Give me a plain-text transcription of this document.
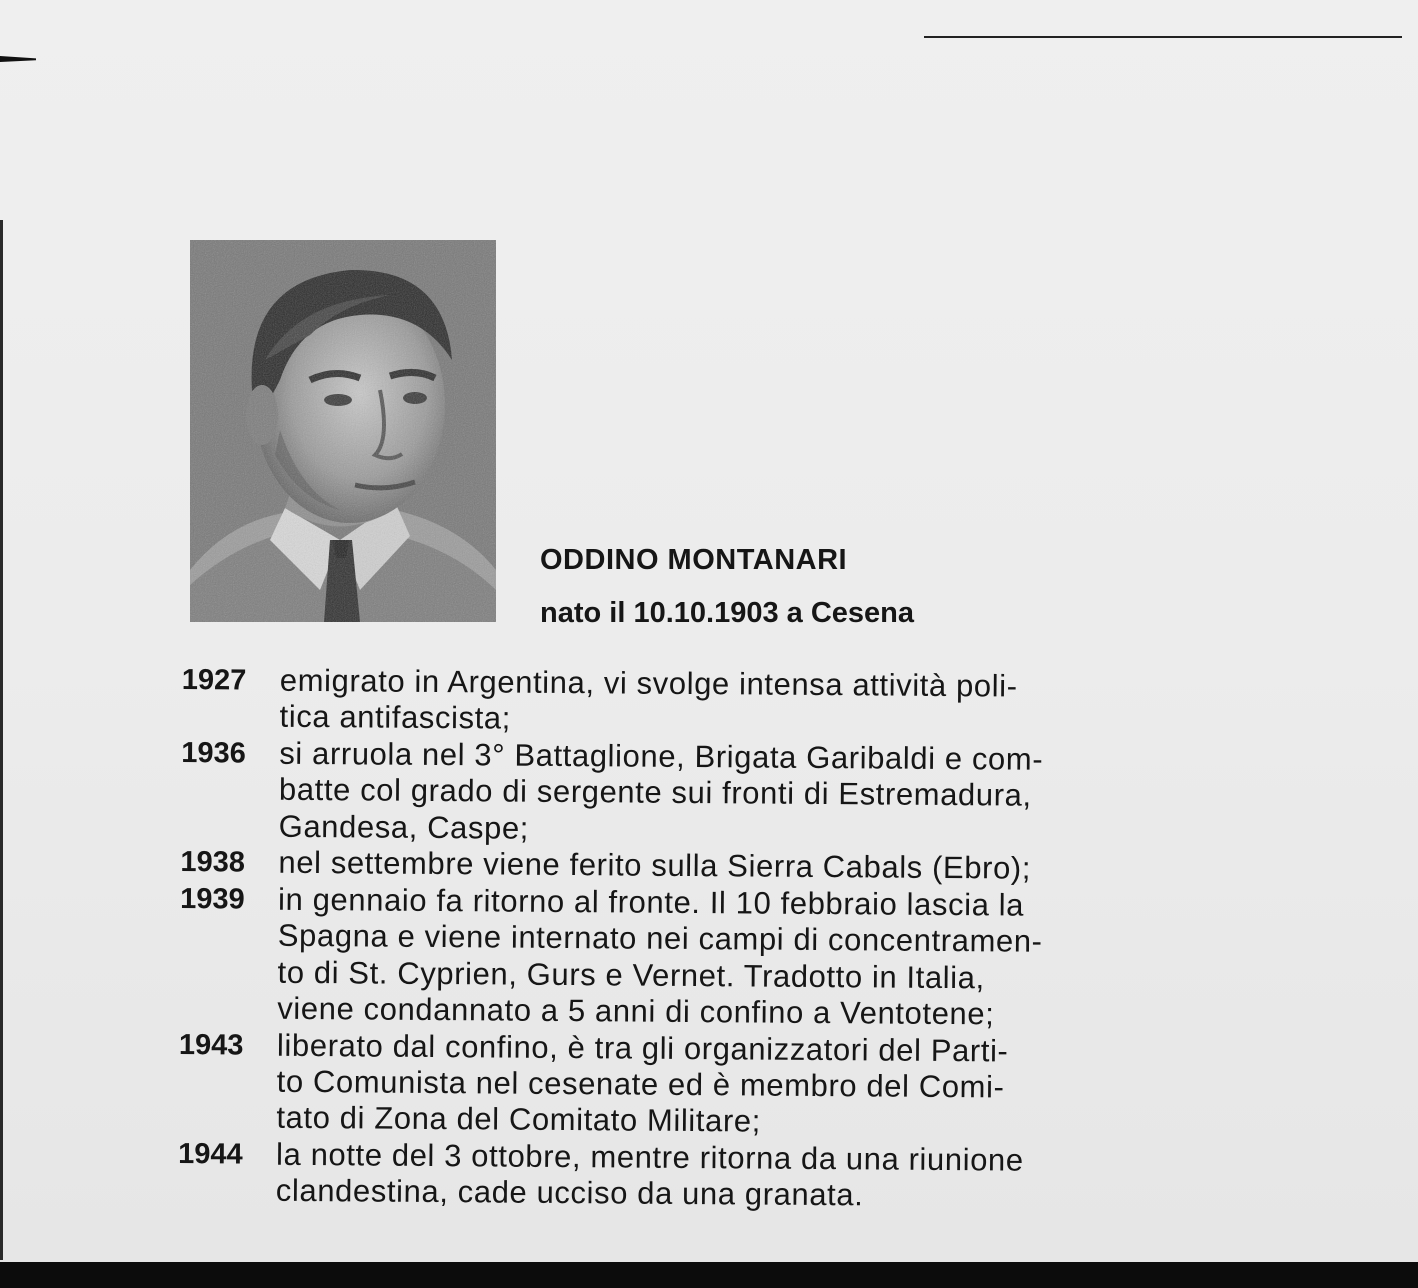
ODDINO MONTANARI
nato il 10.10.1903 a Cesena
1927	emigrato in Argentina, vi svolge intensa attività poli-
tica antifascista;
1936	si arruola nel 3° Battaglione, Brigata Garibaldi e com-
batte col grado di sergente sui fronti di Estremadura,
Gandesa, Caspe;
1938	nel settembre viene ferito sulla Sierra Cabals (Ebro);
1939	in gennaio fa ritorno al fronte. Il 10 febbraio lascia la
Spagna e viene internato nei campi di concentramen-
to di St. Cyprien, Gurs e Vernet. Tradotto in Italia,
viene condannato a 5 anni di confino a Ventotene;
1943	liberato dal confino, è tra gli organizzatori del Parti-
to Comunista nel cesenate ed è membro del Comi-
tato di Zona del Comitato Militare;
1944	la notte del 3 ottobre, mentre ritorna da una riunione
clandestina, cade ucciso da una granata.
